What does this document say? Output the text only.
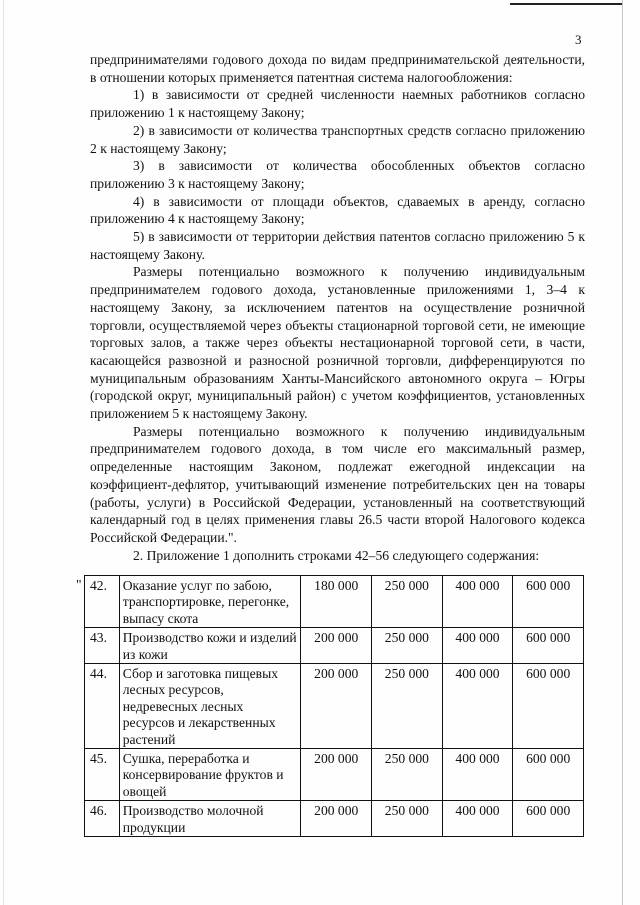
3

предпринимателями годового дохода по видам предпринимательской деятельности, в отношении которых применяется патентная система налогообложения:

1) в зависимости от средней численности наемных работников согласно приложению 1 к настоящему Закону;

2) в зависимости от количества транспортных средств согласно приложению 2 к настоящему Закону;

3) в зависимости от количества обособленных объектов согласно приложению 3 к настоящему Закону;

4) в зависимости от площади объектов, сдаваемых в аренду, согласно приложению 4 к настоящему Закону;

5) в зависимости от территории действия патентов согласно приложению 5 к настоящему Закону.

Размеры потенциально возможного к получению индивидуальным предпринимателем годового дохода, установленные приложениями 1, 3–4 к настоящему Закону, за исключением патентов на осуществление розничной торговли, осуществляемой через объекты стационарной торговой сети, не имеющие торговых залов, а также через объекты нестационарной торговой сети, в части, касающейся развозной и разносной розничной торговли, дифференцируются по муниципальным образованиям Ханты-Мансийского автономного округа – Югры (городской округ, муниципальный район) с учетом коэффициентов, установленных приложением 5 к настоящему Закону.

Размеры потенциально возможного к получению индивидуальным предпринимателем годового дохода, в том числе его максимальный размер, определенные настоящим Законом, подлежат ежегодной индексации на коэффициент-дефлятор, учитывающий изменение потребительских цен на товары (работы, услуги) в Российской Федерации, установленный на соответствующий календарный год в целях применения главы 26.5 части второй Налогового кодекса Российской Федерации.".

2. Приложение 1 дополнить строками 42–56 следующего содержания:

" 42.	Оказание услуг по забою, транспортировке, перегонке, выпасу скота	180 000	250 000	400 000	600 000
43.	Производство кожи и изделий из кожи	200 000	250 000	400 000	600 000
44.	Сбор и заготовка пищевых лесных ресурсов, недревесных лесных ресурсов и лекарственных растений	200 000	250 000	400 000	600 000
45.	Сушка, переработка и консервирование фруктов и овощей	200 000	250 000	400 000	600 000
46.	Производство молочной продукции	200 000	250 000	400 000	600 000
